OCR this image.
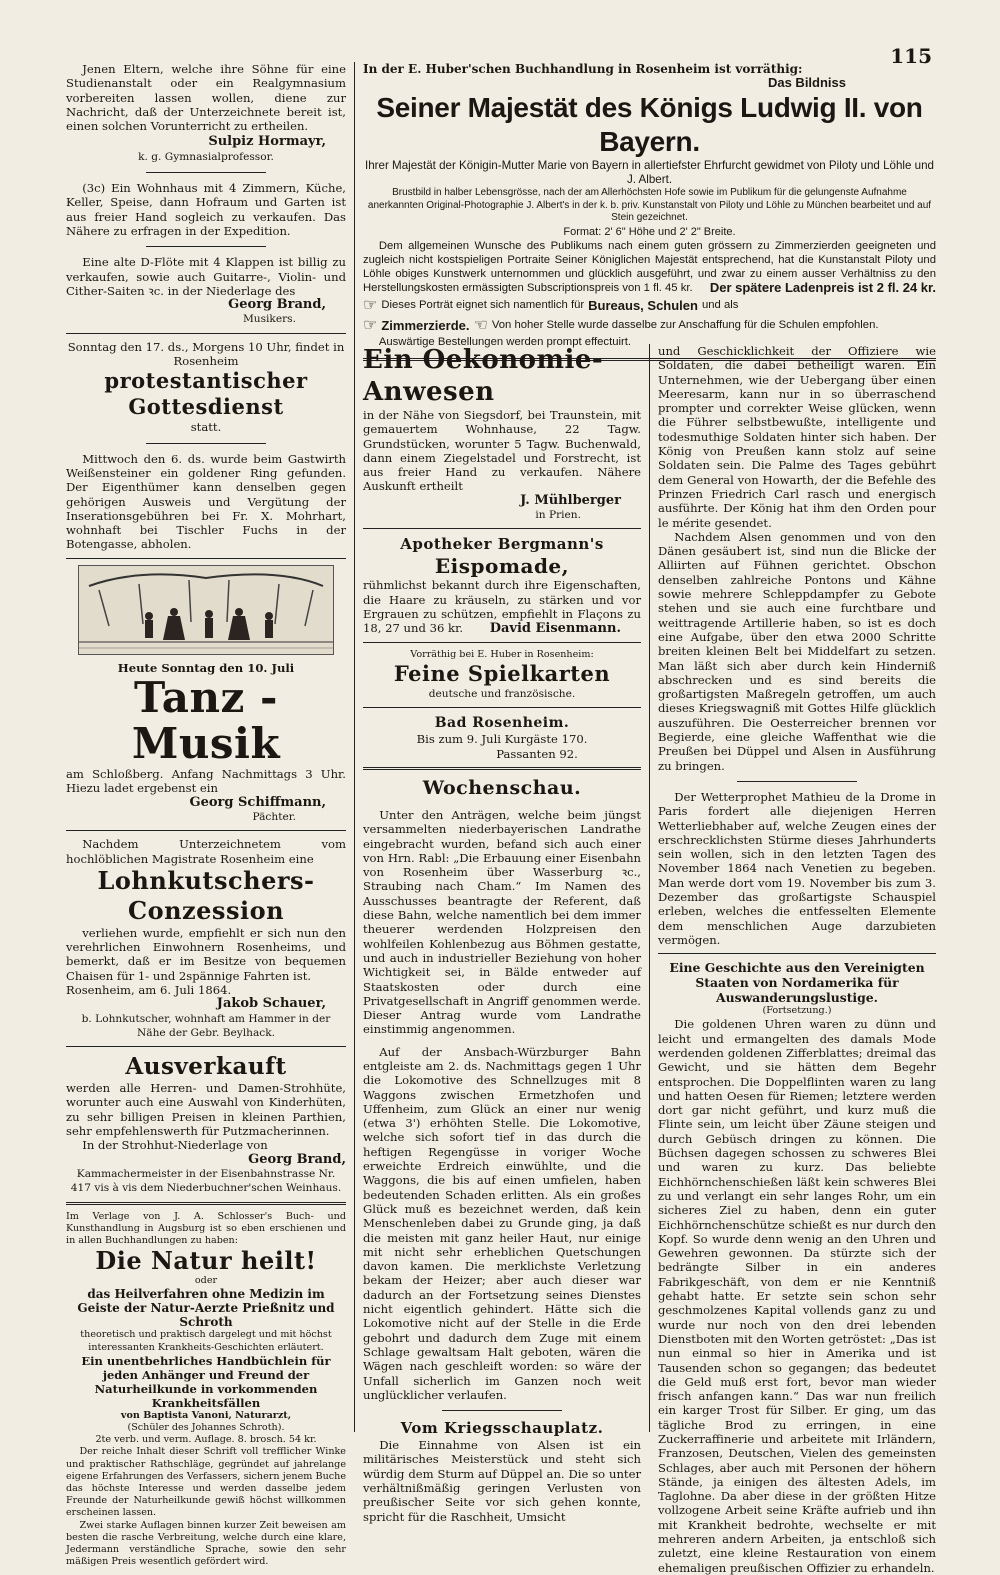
115

Jenen Eltern, welche ihre Söhne für eine Studienanstalt oder ein Realgymnasium vorbereiten lassen wollen, diene zur Nachricht, daß der Unterzeichnete bereit ist, einen solchen Vorunterricht zu ertheilen.

Sulpiz Hormayr,

k. g. Gymnasialprofessor.

(3c) Ein Wohnhaus mit 4 Zimmern, Küche, Keller, Speise, dann Hofraum und Garten ist aus freier Hand sogleich zu verkaufen. Das Nähere zu erfragen in der Expedition.

Eine alte D-Flöte mit 4 Klappen ist billig zu verkaufen, sowie auch Guitarre-, Violin- und Cither-Saiten ꝛc. in der Niederlage des

Georg Brand,

Musikers.

Sonntag den 17. ds., Morgens 10 Uhr, findet in Rosenheim

protestantischer Gottesdienst

statt.

Mittwoch den 6. ds. wurde beim Gastwirth Weißensteiner ein goldener Ring gefunden. Der Eigenthümer kann denselben gegen gehörigen Ausweis und Vergütung der Inserationsgebühren bei Fr. X. Mohrhart, wohnhaft bei Tischler Fuchs in der Botengasse, abholen.

Heute Sonntag den 10. Juli

Tanz - Musik

am Schloßberg. Anfang Nachmittags 3 Uhr. Hiezu ladet ergebenst ein

Georg Schiffmann,

Pächter.

Nachdem Unterzeichnetem vom hochlöblichen Magistrate Rosenheim eine

Lohnkutschers-Conzession

verliehen wurde, empfiehlt er sich nun den verehrlichen Einwohnern Rosenheims, und bemerkt, daß er im Besitze von bequemen Chaisen für 1- und 2spännige Fahrten ist.

Rosenheim, am 6. Juli 1864.

Jakob Schauer,

b. Lohnkutscher, wohnhaft am Hammer in der Nähe der Gebr. Beylhack.

Ausverkauft

werden alle Herren- und Damen-Strohhüte, worunter auch eine Auswahl von Kinderhüten, zu sehr billigen Preisen in kleinen Parthien, sehr empfehlenswerth für Putzmacherinnen.

In der Strohhut-Niederlage von

Georg Brand,

Kammachermeister in der Eisenbahnstrasse Nr. 417 vis à vis dem Niederbuchner'schen Weinhaus.

Im Verlage von J. A. Schlosser's Buch- und Kunsthandlung in Augsburg ist so eben erschienen und in allen Buchhandlungen zu haben:

Die Natur heilt!

oder

das Heilverfahren ohne Medizin im Geiste der Natur-Aerzte Prießnitz und Schroth

theoretisch und praktisch dargelegt und mit höchst interessanten Krankheits-Geschichten erläutert.

Ein unentbehrliches Handbüchlein für jeden Anhänger und Freund der Naturheilkunde in vorkommenden Krankheitsfällen

von Baptista Vanoni, Naturarzt,

(Schüler des Johannes Schroth).

2te verb. und verm. Auflage. 8. brosch. 54 kr.

Der reiche Inhalt dieser Schrift voll trefflicher Winke und praktischer Rathschläge, gegründet auf jahrelange eigene Erfahrungen des Verfassers, sichern jenem Buche das höchste Interesse und werden dasselbe jedem Freunde der Naturheilkunde gewiß höchst willkommen erscheinen lassen.

Zwei starke Auflagen binnen kurzer Zeit beweisen am besten die rasche Verbreitung, welche durch eine klare, Jedermann verständliche Sprache, sowie den sehr mäßigen Preis wesentlich gefördert wird.

In der E. Huber'schen Buchhandlung in Rosenheim ist vorräthig:

Das Bildniss

Seiner Majestät des Königs Ludwig II. von Bayern.

Ihrer Majestät der Königin-Mutter Marie von Bayern in allertiefster Ehrfurcht gewidmet von Piloty und Löhle und J. Albert.

Brustbild in halber Lebensgrösse, nach der am Allerhöchsten Hofe sowie im Publikum für die gelungenste Aufnahme anerkannten Original-Photographie J. Albert's in der k. b. priv. Kunstanstalt von Piloty und Löhle zu München bearbeitet und auf Stein gezeichnet.

Format: 2' 6" Höhe und 2' 2" Breite.

Dem allgemeinen Wunsche des Publikums nach einem guten grössern zu Zimmerzierden geeigneten und zugleich nicht kostspieligen Portraite Seiner Königlichen Majestät entsprechend, hat die Kunstanstalt Piloty und Löhle obiges Kunstwerk unternommen und glücklich ausgeführt, und zwar zu einem ausser Verhältniss zu den Herstellungskosten ermässigten Subscriptionspreis von 1 fl. 45 kr.	Der spätere Ladenpreis ist 2 fl. 24 kr.

☞ Dieses Porträt eignet sich namentlich für Bureaus, Schulen und als
☞ Zimmerzierde. ☜ Von hoher Stelle wurde dasselbe zur Anschaffung für die Schulen empfohlen.

Auswärtige Bestellungen werden prompt effectuirt.

Ein Oekonomie-Anwesen

in der Nähe von Siegsdorf, bei Traunstein, mit gemauertem Wohnhause, 22 Tagw. Grundstücken, worunter 5 Tagw. Buchenwald, dann einem Ziegelstadel und Forstrecht, ist aus freier Hand zu verkaufen. Nähere Auskunft ertheilt

J. Mühlberger

in Prien.

Apotheker Bergmann's
Eispomade,

rühmlichst bekannt durch ihre Eigenschaften, die Haare zu kräuseln, zu stärken und vor Ergrauen zu schützen, empfiehlt in Flaçons zu 18, 27 und 36 kr.	David Eisenmann.

Vorräthig bei E. Huber in Rosenheim:

Feine Spielkarten

deutsche und französische.

Bad Rosenheim.

Bis zum 9. Juli Kurgäste 170.

Passanten 92.

Wochenschau.

Unter den Anträgen, welche beim jüngst versammelten niederbayerischen Landrathe eingebracht wurden, befand sich auch einer von Hrn. Rabl: „Die Erbauung einer Eisenbahn von Rosenheim über Wasserburg ꝛc., Straubing nach Cham.“ Im Namen des Ausschusses beantragte der Referent, daß diese Bahn, welche namentlich bei dem immer theuerer werdenden Holzpreisen den wohlfeilen Kohlenbezug aus Böhmen gestatte, und auch in industrieller Beziehung von hoher Wichtigkeit sei, in Bälde entweder auf Staatskosten oder durch eine Privatgesellschaft in Angriff genommen werde. Dieser Antrag wurde vom Landrathe einstimmig angenommen.

Auf der Ansbach-Würzburger Bahn entgleiste am 2. ds. Nachmittags gegen 1 Uhr die Lokomotive des Schnellzuges mit 8 Waggons zwischen Ermetzhofen und Uffenheim, zum Glück an einer nur wenig (etwa 3') erhöhten Stelle. Die Lokomotive, welche sich sofort tief in das durch die heftigen Regengüsse in voriger Woche erweichte Erdreich einwühlte, und die Waggons, die bis auf einen umfielen, haben bedeutenden Schaden erlitten. Als ein großes Glück muß es bezeichnet werden, daß kein Menschenleben dabei zu Grunde ging, ja daß die meisten mit ganz heiler Haut, nur einige mit nicht sehr erheblichen Quetschungen davon kamen. Die merklichste Verletzung bekam der Heizer; aber auch dieser war dadurch an der Fortsetzung seines Dienstes nicht eigentlich gehindert. Hätte sich die Lokomotive nicht auf der Stelle in die Erde gebohrt und dadurch dem Zuge mit einem Schlage gewaltsam Halt geboten, wären die Wägen nach geschleift worden: so wäre der Unfall sicherlich im Ganzen noch weit unglücklicher verlaufen.

Vom Kriegsschauplatz.

Die Einnahme von Alsen ist ein militärisches Meisterstück und steht sich würdig dem Sturm auf Düppel an. Die so unter verhältnißmäßig geringen Verlusten von preußischer Seite vor sich gehen konnte, spricht für die Raschheit, Umsicht

und Geschicklichkeit der Offiziere wie Soldaten, die dabei betheiligt waren. Ein Unternehmen, wie der Uebergang über einen Meeresarm, kann nur in so überraschend prompter und correkter Weise glücken, wenn die Führer selbstbewußte, intelligente und todesmuthige Soldaten hinter sich haben. Der König von Preußen kann stolz auf seine Soldaten sein. Die Palme des Tages gebührt dem General von Howarth, der die Befehle des Prinzen Friedrich Carl rasch und energisch ausführte. Der König hat ihm den Orden pour le mérite gesendet.

Nachdem Alsen genommen und von den Dänen gesäubert ist, sind nun die Blicke der Alliirten auf Fühnen gerichtet. Obschon denselben zahlreiche Pontons und Kähne sowie mehrere Schleppdampfer zu Gebote stehen und sie auch eine furchtbare und weittragende Artillerie haben, so ist es doch eine Aufgabe, über den etwa 2000 Schritte breiten kleinen Belt bei Middelfart zu setzen. Man läßt sich aber durch kein Hinderniß abschrecken und es sind bereits die großartigsten Maßregeln getroffen, um auch dieses Kriegswagniß mit Gottes Hilfe glücklich auszuführen. Die Oesterreicher brennen vor Begierde, eine gleiche Waffenthat wie die Preußen bei Düppel und Alsen in Ausführung zu bringen.

Der Wetterprophet Mathieu de la Drome in Paris fordert alle diejenigen Herren Wetterliebhaber auf, welche Zeugen eines der erschrecklichsten Stürme dieses Jahrhunderts sein wollen, sich in den letzten Tagen des November 1864 nach Venetien zu begeben. Man werde dort vom 19. November bis zum 3. Dezember das großartigste Schauspiel erleben, welches die entfesselten Elemente dem menschlichen Auge darzubieten vermögen.

Eine Geschichte aus den Vereinigten Staaten von Nordamerika für Auswanderungslustige.

(Fortsetzung.)

Die goldenen Uhren waren zu dünn und leicht und ermangelten des damals Mode werdenden goldenen Zifferblattes; dreimal das Gewicht, und sie hätten dem Begehr entsprochen. Die Doppelflinten waren zu lang und hatten Oesen für Riemen; letztere werden dort gar nicht geführt, und kurz muß die Flinte sein, um leicht über Zäune steigen und durch Gebüsch dringen zu können. Die Büchsen dagegen schossen zu schweres Blei und waren zu kurz. Das beliebte Eichhörnchenschießen läßt kein schweres Blei zu und verlangt ein sehr langes Rohr, um ein sicheres Ziel zu haben, denn ein guter Eichhörnchenschütze schießt es nur durch den Kopf. So wurde denn wenig an den Uhren und Gewehren gewonnen. Da stürzte sich der bedrängte Silber in ein anderes Fabrikgeschäft, von dem er nie Kenntniß gehabt hatte. Er setzte sein schon sehr geschmolzenes Kapital vollends ganz zu und wurde nur noch von den drei lebenden Dienstboten mit den Worten getröstet: „Das ist nun einmal so hier in Amerika und ist Tausenden schon so gegangen; das bedeutet die Geld muß erst fort, bevor man wieder frisch anfangen kann.“ Das war nun freilich ein karger Trost für Silber. Er ging, um das tägliche Brod zu erringen, in eine Zuckerraffinerie und arbeitete mit Irländern, Franzosen, Deutschen, Vielen des gemeinsten Schlages, aber auch mit Personen der höhern Stände, ja einigen des ältesten Adels, im Taglohne. Da aber diese in der größten Hitze vollzogene Arbeit seine Kräfte aufrieb und ihn mit Krankheit bedrohte, wechselte er mit mehreren andern Arbeiten, ja entschloß sich zuletzt, eine kleine Restauration von einem ehemaligen preußischen Offizier zu erhandeln.
